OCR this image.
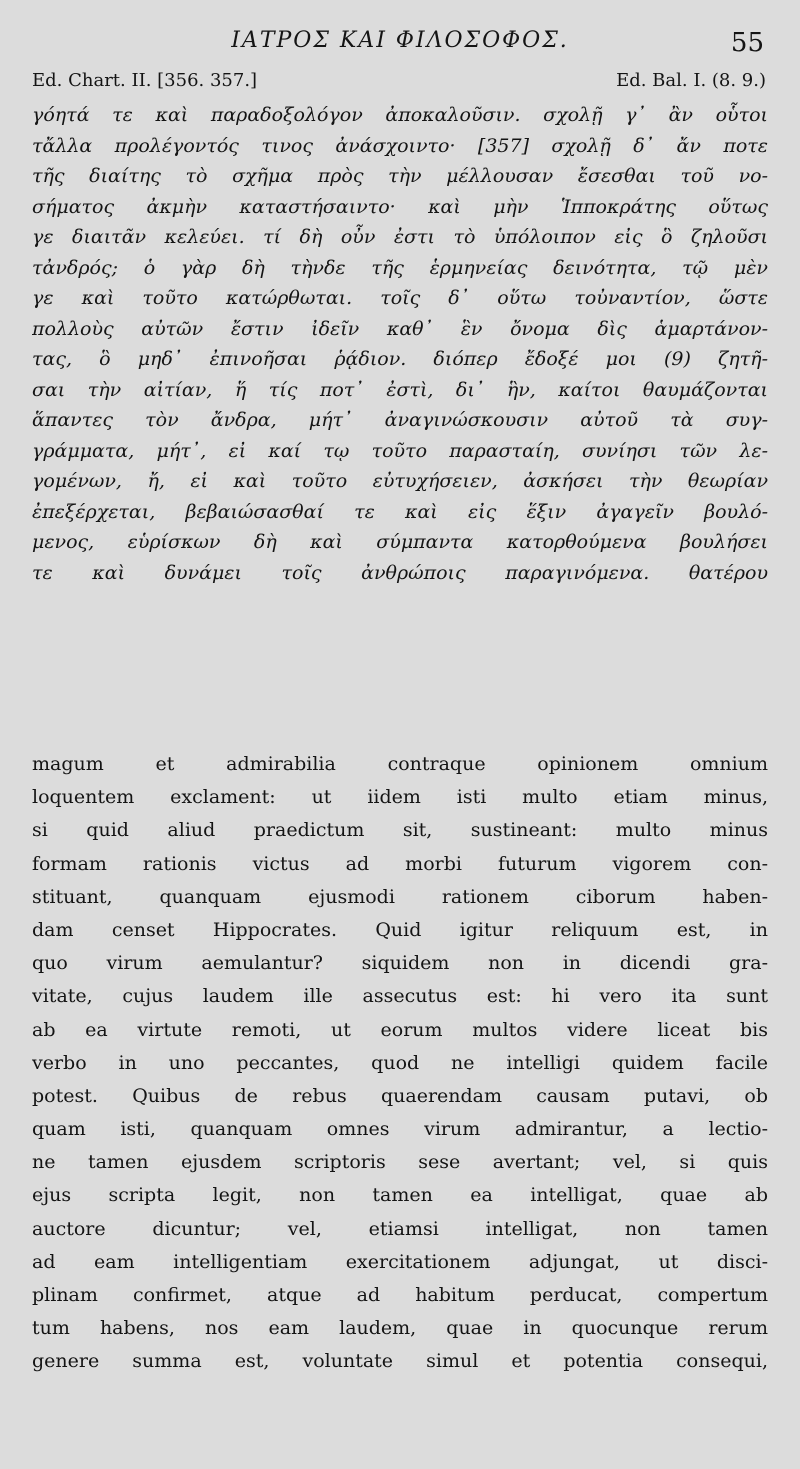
ΙΑΤΡΟΣ ΚΑΙ ΦΙΛΟΣΟΦΟΣ.	55
Ed. Chart. II. [356. 357.]	Ed. Bal. I. (8. 9.)
γόητά τε καὶ παραδοξολόγον ἀποκαλοῦσιν. σχολῇ γ᾽ ἂν οὗτοι
τἄλλα προλέγοντός τινος ἀνάσχοιντο· [357] σχολῇ δ᾽ ἄν ποτε
τῆς διαίτης τὸ σχῆμα πρὸς τὴν μέλλουσαν ἔσεσθαι τοῦ νο-
σήματος ἀκμὴν καταστήσαιντο· καὶ μὴν Ἱπποκράτης οὕτως
γε διαιτᾶν κελεύει. τί δὴ οὖν ἐστι τὸ ὑπόλοιπον εἰς ὃ ζηλοῦσι
τἀνδρός; ὁ γὰρ δὴ τὴνδε τῆς ἑρμηνείας δεινότητα, τῷ μὲν
γε καὶ τοῦτο κατώρθωται. τοῖς δ᾽ οὕτω τοὐναντίον, ὥστε
πολλοὺς αὐτῶν ἔστιν ἰδεῖν καθ᾽ ἓν ὄνομα δὶς ἁμαρτάνον-
τας, ὃ μηδ᾽ ἐπινοῆσαι ῥᾴδιον. διόπερ ἔδοξέ μοι (9) ζητῆ-
σαι τὴν αἰτίαν, ἥ τίς ποτ᾽ ἐστὶ, δι᾽ ἣν, καίτοι θαυμάζονται
ἅπαντες τὸν ἄνδρα, μήτ᾽ ἀναγινώσκουσιν αὐτοῦ τὰ συγ-
γράμματα, μήτ᾽, εἰ καί τῳ τοῦτο παρασταίη, συνίησι τῶν λε-
γομένων, ἤ, εἰ καὶ τοῦτο εὐτυχήσειεν, ἀσκήσει τὴν θεωρίαν
ἐπεξέρχεται, βεβαιώσασθαί τε καὶ εἰς ἕξιν ἀγαγεῖν βουλό-
μενος, εὑρίσκων δὴ καὶ σύμπαντα κατορθούμενα βουλήσει
τε καὶ δυνάμει τοῖς ἀνθρώποις παραγινόμενα. θατέρου
magum et admirabilia contraque opinionem omnium
loquentem exclament: ut iidem isti multo etiam minus,
si quid aliud praedictum sit, sustineant: multo minus
formam rationis victus ad morbi futurum vigorem con-
stituant, quanquam ejusmodi rationem ciborum haben-
dam censet Hippocrates. Quid igitur reliquum est, in
quo virum aemulantur? siquidem non in dicendi gra-
vitate, cujus laudem ille assecutus est: hi vero ita sunt
ab ea virtute remoti, ut eorum multos videre liceat bis
verbo in uno peccantes, quod ne intelligi quidem facile
potest. Quibus de rebus quaerendam causam putavi, ob
quam isti, quanquam omnes virum admirantur, a lectio-
ne tamen ejusdem scriptoris sese avertant; vel, si quis
ejus scripta legit, non tamen ea intelligat, quae ab
auctore dicuntur; vel, etiamsi intelligat, non tamen
ad eam intelligentiam exercitationem adjungat, ut disci-
plinam confirmet, atque ad habitum perducat, compertum
tum habens, nos eam laudem, quae in quocunque rerum
genere summa est, voluntate simul et potentia consequi,
